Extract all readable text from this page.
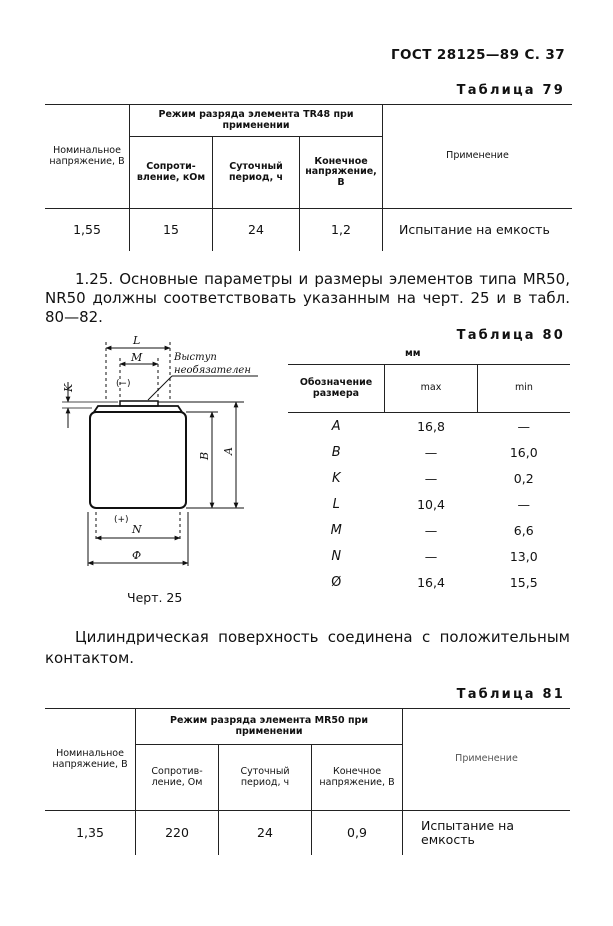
ГОСТ 28125—89 С. 37
Таблица 79
Номинальное напряжение, В	Режим разряда элемента TR48 при применении			Применение
	Сопротивление, кОм	Суточный период, ч	Конечное напряжение, В	
1,55	15	24	1,2	Испытание на емкость
1.25. Основные параметры и размеры элементов типа MR50, NR50 должны соответствовать указанным на черт. 25 и в табл. 80—82.
Таблица 80
мм
Обозначение размера	max	min
A	16,8	—
B	—	16,0
K	—	0,2
L	10,4	—
M	—	6,6
N	—	13,0
Ø	16,4	15,5
L
M
K
B
A
N
Ф
Выступ
необязателен
(−)
(+)
Черт. 25
Цилиндрическая поверхность соединена с положительным контактом.
Таблица 81
Номинальное напряжение, В	Режим разряда элемента MR50 при применении			Применение
	Сопротивление, Ом	Суточный период, ч	Конечное напряжение, В	
1,35	220	24	0,9	Испытание на емкость
